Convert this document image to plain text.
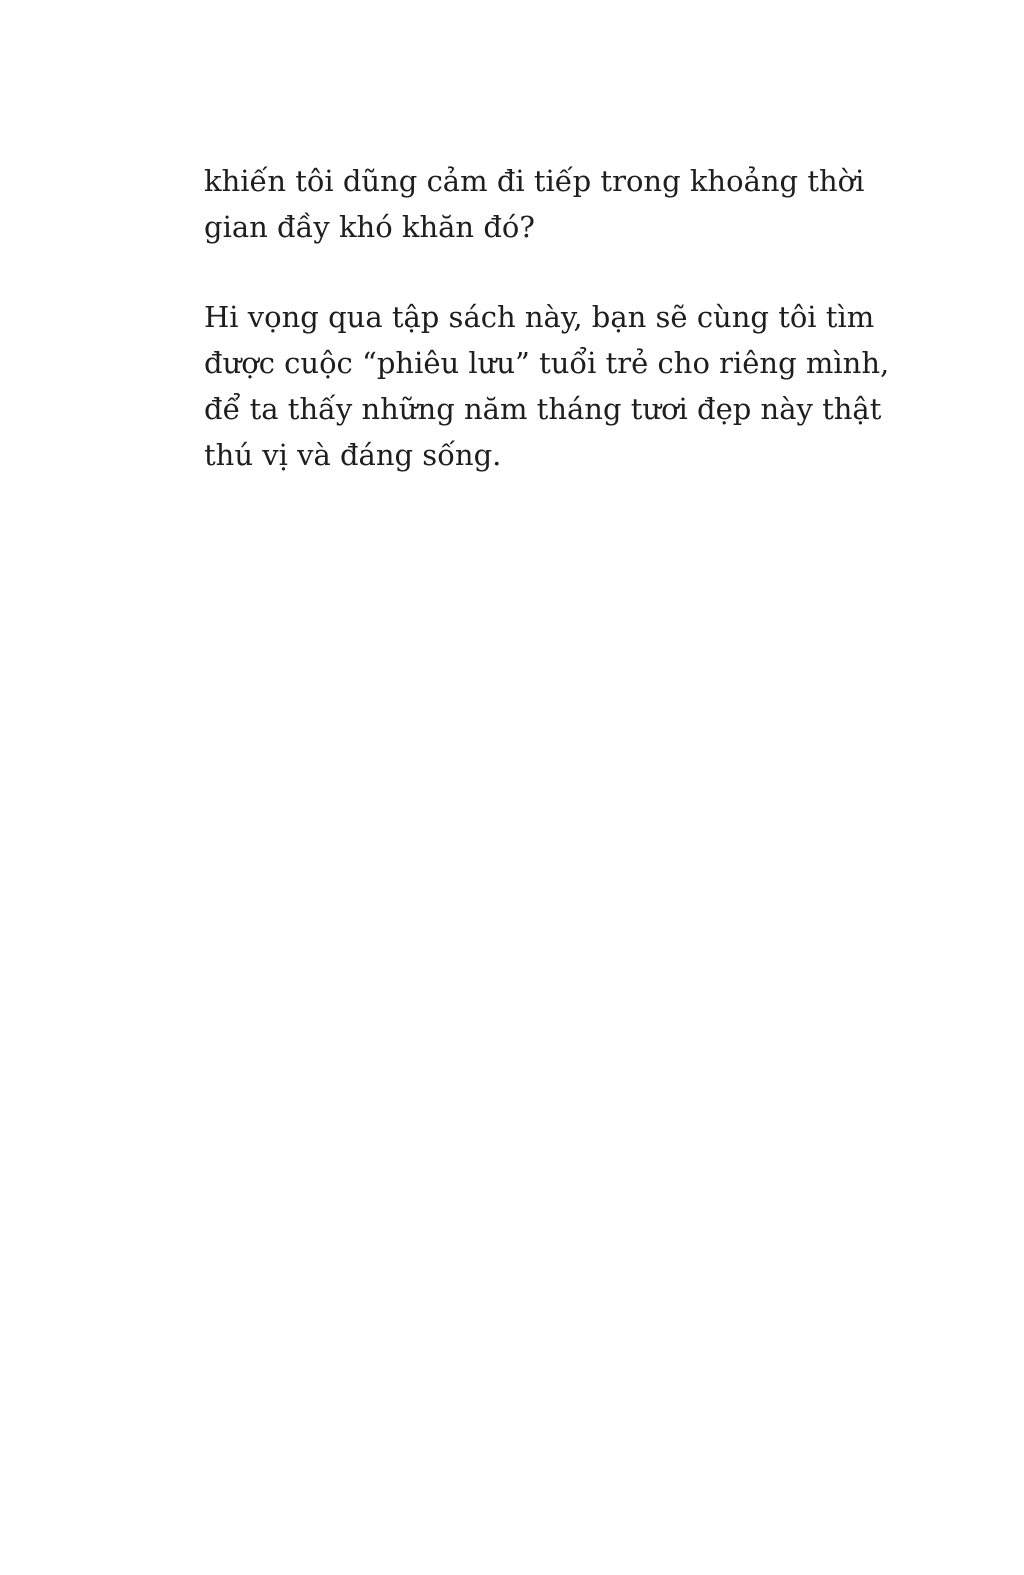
khiến tôi dũng cảm đi tiếp trong khoảng thời
gian đầy khó khăn đó?
Hi vọng qua tập sách này, bạn sẽ cùng tôi tìm
được cuộc “phiêu lưu” tuổi trẻ cho riêng mình,
để ta thấy những năm tháng tươi đẹp này thật
thú vị và đáng sống.
